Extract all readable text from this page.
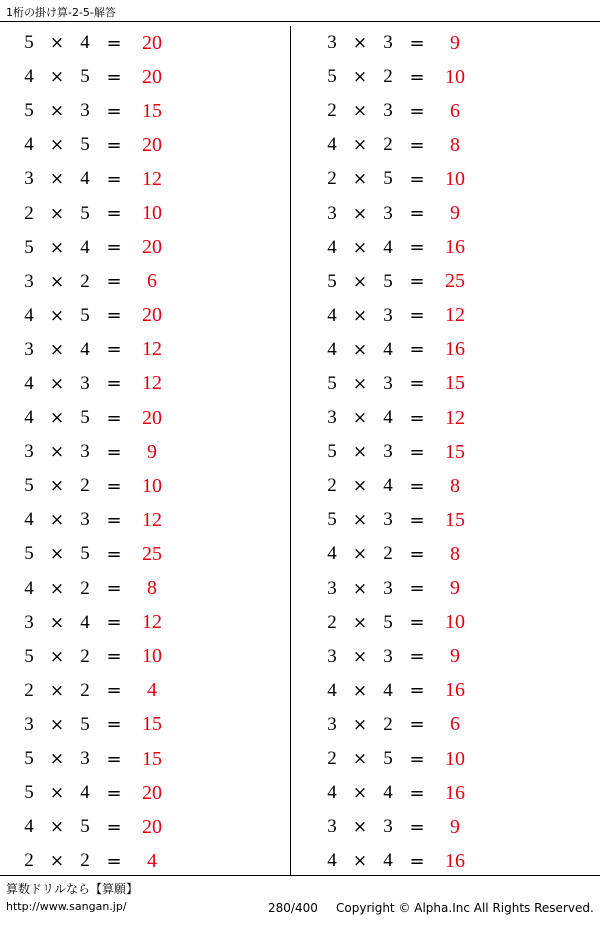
1桁の掛け算-2-5-解答
5 × 4 =	20
4 × 5 =	20
5 × 3 =	15
4 × 5 =	20
3 × 4 =	12
2 × 5 =	10
5 × 4 =	20
3 × 2 =	6
4 × 5 =	20
3 × 4 =	12
4 × 3 =	12
4 × 5 =	20
3 × 3 =	9
5 × 2 =	10
4 × 3 =	12
5 × 5 =	25
4 × 2 =	8
3 × 4 =	12
5 × 2 =	10
2 × 2 =	4
3 × 5 =	15
5 × 3 =	15
5 × 4 =	20
4 × 5 =	20
2 × 2 =	4
3 × 3 =	9
5 × 2 =	10
2 × 3 =	6
4 × 2 =	8
2 × 5 =	10
3 × 3 =	9
4 × 4 =	16
5 × 5 =	25
4 × 3 =	12
4 × 4 =	16
5 × 3 =	15
3 × 4 =	12
5 × 3 =	15
2 × 4 =	8
5 × 3 =	15
4 × 2 =	8
3 × 3 =	9
2 × 5 =	10
3 × 3 =	9
4 × 4 =	16
3 × 2 =	6
2 × 5 =	10
4 × 4 =	16
3 × 3 =	9
4 × 4 =	16
算数ドリルなら【算願】
http://www.sangan.jp/	280/400 Copyright © Alpha.Inc All Rights Reserved.
